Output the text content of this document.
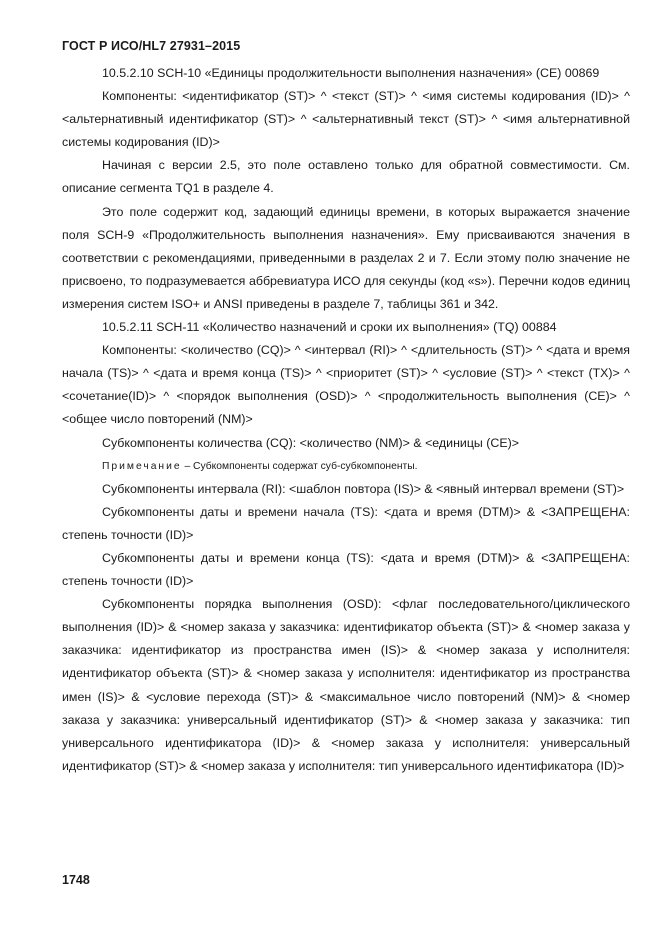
ГОСТ Р ИСО/HL7 27931–2015

10.5.2.10 SCH-10 «Единицы продолжительности выполнения назначения» (CE) 00869

Компоненты: <идентификатор (ST)> ^ <текст (ST)> ^ <имя системы кодирования (ID)> ^ <альтернативный идентификатор (ST)> ^ <альтернативный текст (ST)> ^ <имя альтернативной системы кодирования (ID)>

Начиная с версии 2.5, это поле оставлено только для обратной совместимости. См. описание сегмента TQ1 в разделе 4.

Это поле содержит код, задающий единицы времени, в которых выражается значение поля SCH-9 «Продолжительность выполнения назначения». Ему присваиваются значения в соответствии с рекомендациями, приведенными в разделах 2 и 7. Если этому полю значение не присвоено, то подразумевается аббревиатура ИСО для секунды (код «s»). Перечни кодов единиц измерения систем ISO+ и ANSI приведены в разделе 7, таблицы 361 и 342.

10.5.2.11 SCH-11 «Количество назначений и сроки их выполнения» (TQ) 00884

Компоненты: <количество (CQ)> ^ <интервал (RI)> ^ <длительность (ST)> ^ <дата и время начала (TS)> ^ <дата и время конца (TS)> ^ <приоритет (ST)> ^ <условие (ST)> ^ <текст (TX)> ^ <сочетание(ID)> ^ <порядок выполнения (OSD)> ^ <продолжительность выполнения (CE)> ^ <общее число повторений (NM)>

Субкомпоненты количества (CQ): <количество (NM)> & <единицы (CE)>

Примечание – Субкомпоненты содержат суб-субкомпоненты.

Субкомпоненты интервала (RI): <шаблон повтора (IS)> & <явный интервал времени (ST)>

Субкомпоненты даты и времени начала (TS): <дата и время (DTM)> & <ЗАПРЕЩЕНА: степень точности (ID)>

Субкомпоненты даты и времени конца (TS): <дата и время (DTM)> & <ЗАПРЕЩЕНА: степень точности (ID)>

Субкомпоненты порядка выполнения (OSD): <флаг последовательного/циклического выполнения (ID)> & <номер заказа у заказчика: идентификатор объекта (ST)> & <номер заказа у заказчика: идентификатор из пространства имен (IS)> & <номер заказа у исполнителя: идентификатор объекта (ST)> & <номер заказа у исполнителя: идентификатор из пространства имен (IS)> & <условие перехода (ST)> & <максимальное число повторений (NM)> & <номер заказа у заказчика: универсальный идентификатор (ST)> & <номер заказа у заказчика: тип универсального идентификатора (ID)> & <номер заказа у исполнителя: универсальный идентификатор (ST)> & <номер заказа у исполнителя: тип универсального идентификатора (ID)>

1748
